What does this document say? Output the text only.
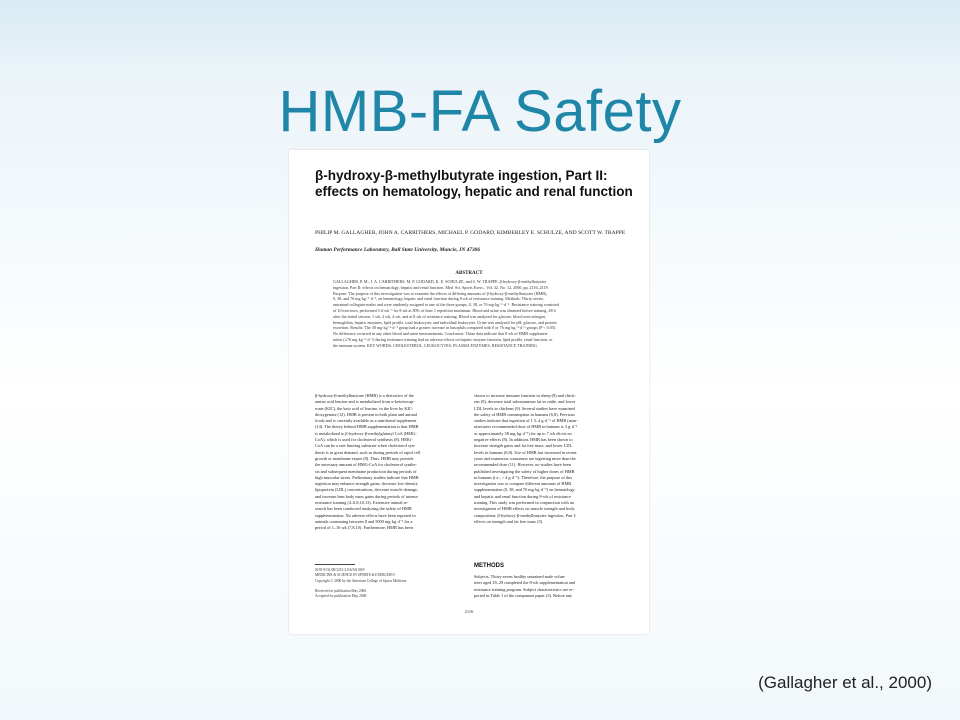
HMB-FA Safety
β-hydroxy-β-methylbutyrate ingestion, Part II: effects on hematology, hepatic and renal function
PHILIP M. GALLAGHER, JOHN A. CARRITHERS, MICHAEL P. GODARD, KIMBERLEY E. SCHULZE, AND SCOTT W. TRAPPE
Human Performance Laboratory, Ball State University, Muncie, IN 47306
ABSTRACT
GALLAGHER, P. M., J. A. CARRITHERS, M. P. GODARD, K. E. SCHULZE, and S. W. TRAPPE. β-hydroxy-β-methylbutyrate
ingestion, Part II: effects on hematology, hepatic and renal function. Med. Sci. Sports Exerc., Vol. 32, No. 12, 2000, pp. 2116–2119.
Purpose: The purpose of this investigation was to examine the effects of differing amounts of β-hydroxy-β-methylbutyrate (HMB),
0, 38, and 76 mg·kg⁻¹·d⁻¹, on hematology, hepatic and renal function during 8 wk of resistance training. Methods: Thirty-seven,
untrained collegiate males and were randomly assigned to one of the three groups, 0, 38, or 76 mg·kg⁻¹·d⁻¹. Resistance training consisted
of 10 exercises, performed 3 d·wk⁻¹ for 8 wk at 80% of their 1 repetition maximum. Blood and urine was obtained before training, 48 h
after the initial session, 1 wk, 2 wk, 4 wk, and at 8 wk of resistance training. Blood was analyzed for glucose, blood urea nitrogen,
hemoglobin, hepatic enzymes, lipid profile, total leukocytes, and individual leukocytes. Urine was analyzed for pH, glucose, and protein
excretion. Results: The 38 mg·kg⁻¹·d⁻¹ group had a greater increase in basophils compared with 0 or 76 mg·kg⁻¹·d⁻¹ groups (P < 0.05).
No difference occurred in any other blood and urine measurements. Conclusion: These data indicate that 8 wk of HMB supplemen-
tation (≤76 mg·kg⁻¹·d⁻¹) during resistance training had no adverse effects on hepatic enzyme function, lipid profile, renal function, or
the immune system. KEY WORDS: CHOLESTEROL, LEUKOCYTES, PLASMA ENZYMES, RESISTANCE TRAINING
β-hydroxy-β-methylbutyrate (HMB) is a derivative of the
amino acid leucine and is metabolized from α-ketoisocap-
roate (KIC), the keto acid of leucine, in the liver by KIC-
dioxygenase (12). HMB is present in both plant and animal
foods and is currently available as a nutritional supplement
(14). The theory behind HMB supplementation is that HMB
is metabolized to β-hydroxy-β-methylglutaryl CoA (HMG-
CoA), which is used for cholesterol synthesis (8). HMG-
CoA can be a rate limiting substrate when cholesterol syn-
thesis is in great demand, such as during periods of rapid cell
growth or membrane repair (8). Thus, HMB may provide
the necessary amount of HMG-CoA for cholesterol synthe-
sis and subsequent membrane production during periods of
high muscular stress. Preliminary studies indicate that HMB
ingestion may enhance strength gains, decrease low-density
lipoprotein (LDL) concentrations, decrease muscle damage,
and increase lean body mass gains during periods of intense
resistance training (4–6,8,10,13). Extensive animal re-
search has been conducted analyzing the safety of HMB
supplementation. No adverse effects have been reported in
animals consuming between 8 and 5000 mg·kg·d⁻¹ for a
period of 1–16 wk (7,8,10). Furthermore, HMB has been
0195-9131/00/3212-2116/3/0.00/0
MEDICINE & SCIENCE IN SPORTS & EXERCISE®
Copyright © 2000 by the American College of Sports Medicine

Received for publication May 2000.
Accepted for publication May 2000.
shown to increase immune function in sheep (8) and chick-
ens (9), decrease total subcutaneous fat in cattle, and lower
LDL levels in chickens (9). Several studies have examined
the safety of HMB consumption in humans (6,8). Previous
studies indicate that ingestion of 1.5–4 g·d⁻¹ of HMB (man-
ufacturers recommended dose of HMB in humans is 3 g·d⁻¹
or approximately 38 mg·kg·d⁻¹) for up to 7 wk elicits no
negative effects (8). In addition, HMB has been shown to
increase strength gains and fat free mass, and lower LDL
levels in humans (6,8). Use of HMB has increased in recent
years and numerous consumers are ingesting more than the
recommended dose (11). However, no studies have been
published investigating the safety of higher doses of HMB
in humans (i.e., > 4 g·d⁻¹). Therefore, the purpose of this
investigation was to compare different amounts of HMB
supplementation (0, 38, and 76 mg·kg·d⁻¹) on hematology
and hepatic and renal function during 8-wk of resistance
training. This study was performed in conjunction with an
investigation of HMB effects on muscle strength and body
composition: β-hydroxy-β-methylbutyrate ingestion, Part I:
effects on strength and fat free mass (3).
METHODS
Subjects. Thirty-seven healthy untrained male volun-
teers aged 18–29 completed the 8-wk supplementation and
resistance training program. Subject characteristics are re-
ported in Table 1 of the companion paper (3). Before any
2116
(Gallagher et al., 2000)
